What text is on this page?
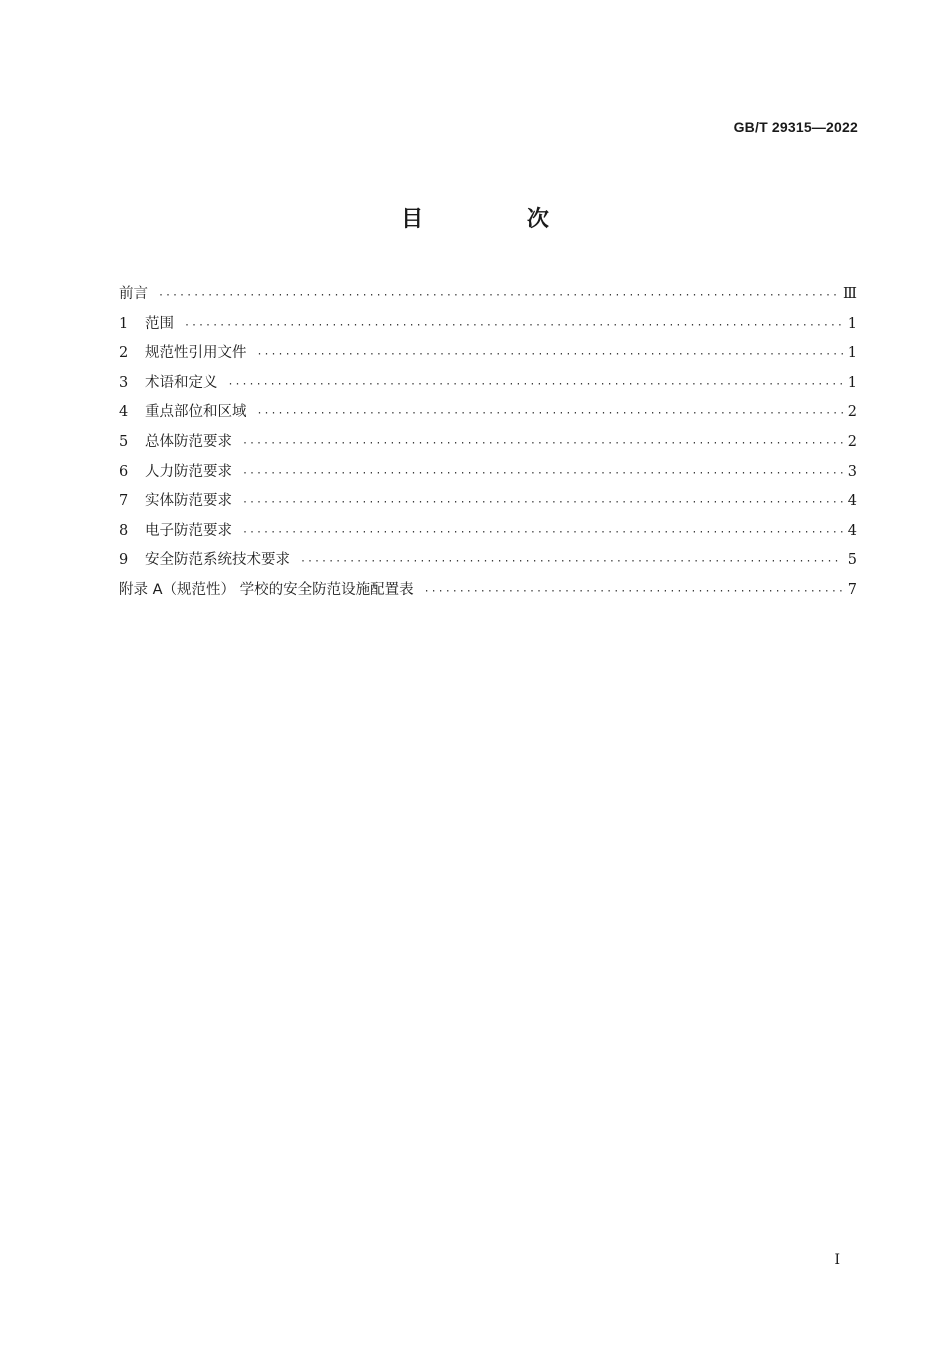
GB/T 29315—2022
目 次
前言 ·····	Ⅲ
1	范围 ·····	1
2	规范性引用文件 ·····	1
3	术语和定义 ·····	1
4	重点部位和区域 ·····	2
5	总体防范要求 ·····	2
6	人力防范要求 ·····	3
7	实体防范要求 ·····	4
8	电子防范要求 ·····	4
9	安全防范系统技术要求 ·····	5
附录 A（规范性） 学校的安全防范设施配置表 ·····	7
I
